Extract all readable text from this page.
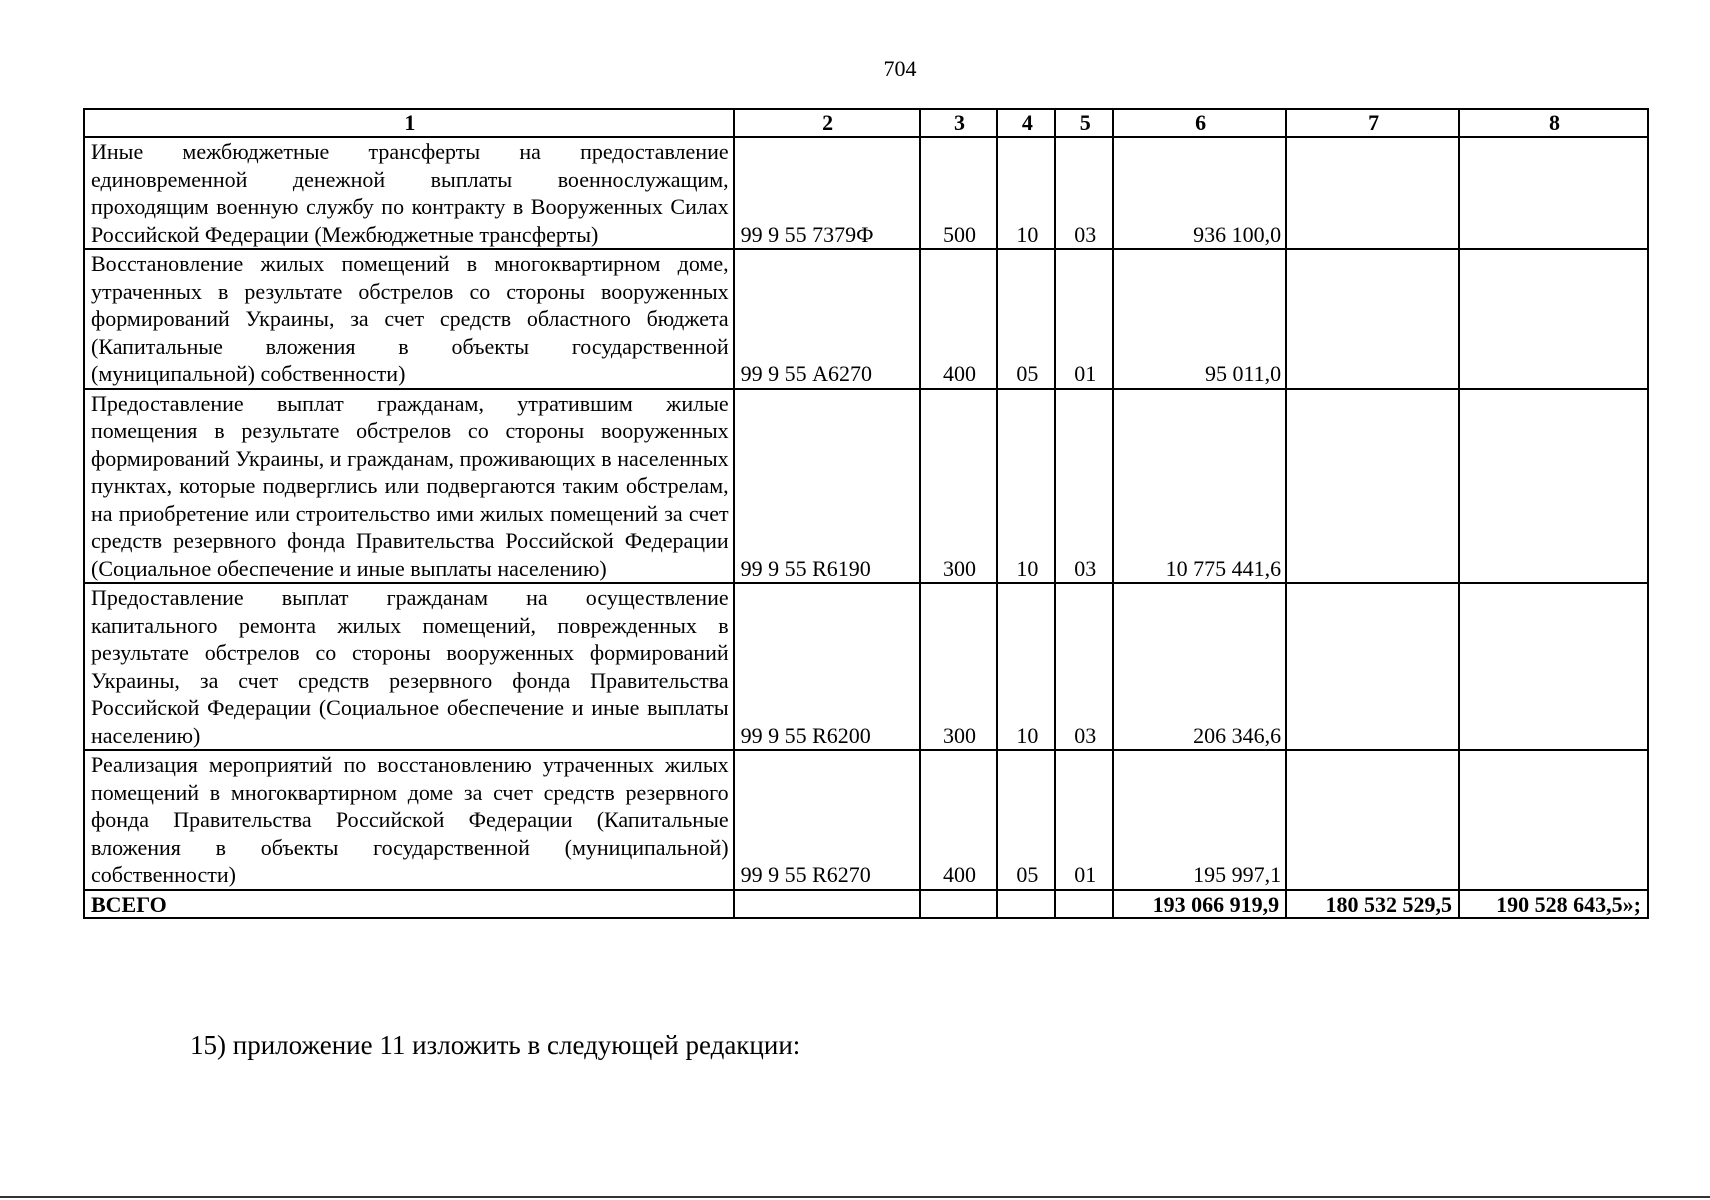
704
1	2	3	4	5	6	7	8
Иные межбюджетные трансферты на предоставление единовременной денежной выплаты военнослужащим, проходящим военную службу по контракту в Вооруженных Силах Российской Федерации (Межбюджетные трансферты)	99 9 55 7379Ф	500	10	03	936 100,0		
Восстановление жилых помещений в многоквартирном доме, утраченных в результате обстрелов со стороны вооруженных формирований Украины, за счет средств областного бюджета (Капитальные вложения в объекты государственной (муниципальной) собственности)	99 9 55 А6270	400	05	01	95 011,0		
Предоставление выплат гражданам, утратившим жилые помещения в результате обстрелов со стороны вооруженных формирований Украины, и гражданам, проживающих в населенных пунктах, которые подверглись или подвергаются таким обстрелам, на приобретение или строительство ими жилых помещений за счет средств резервного фонда Правительства Российской Федерации (Социальное обеспечение и иные выплаты населению)	99 9 55 R6190	300	10	03	10 775 441,6		
Предоставление выплат гражданам на осуществление капитального ремонта жилых помещений, поврежденных в результате обстрелов со стороны вооруженных формирований Украины, за счет средств резервного фонда Правительства Российской Федерации (Социальное обеспечение и иные выплаты населению)	99 9 55 R6200	300	10	03	206 346,6		
Реализация мероприятий по восстановлению утраченных жилых помещений в многоквартирном доме за счет средств резервного фонда Правительства Российской Федерации (Капитальные вложения в объекты государственной (муниципальной) собственности)	99 9 55 R6270	400	05	01	195 997,1		
ВСЕГО					193 066 919,9	180 532 529,5	190 528 643,5»;
15) приложение 11 изложить в следующей редакции:
